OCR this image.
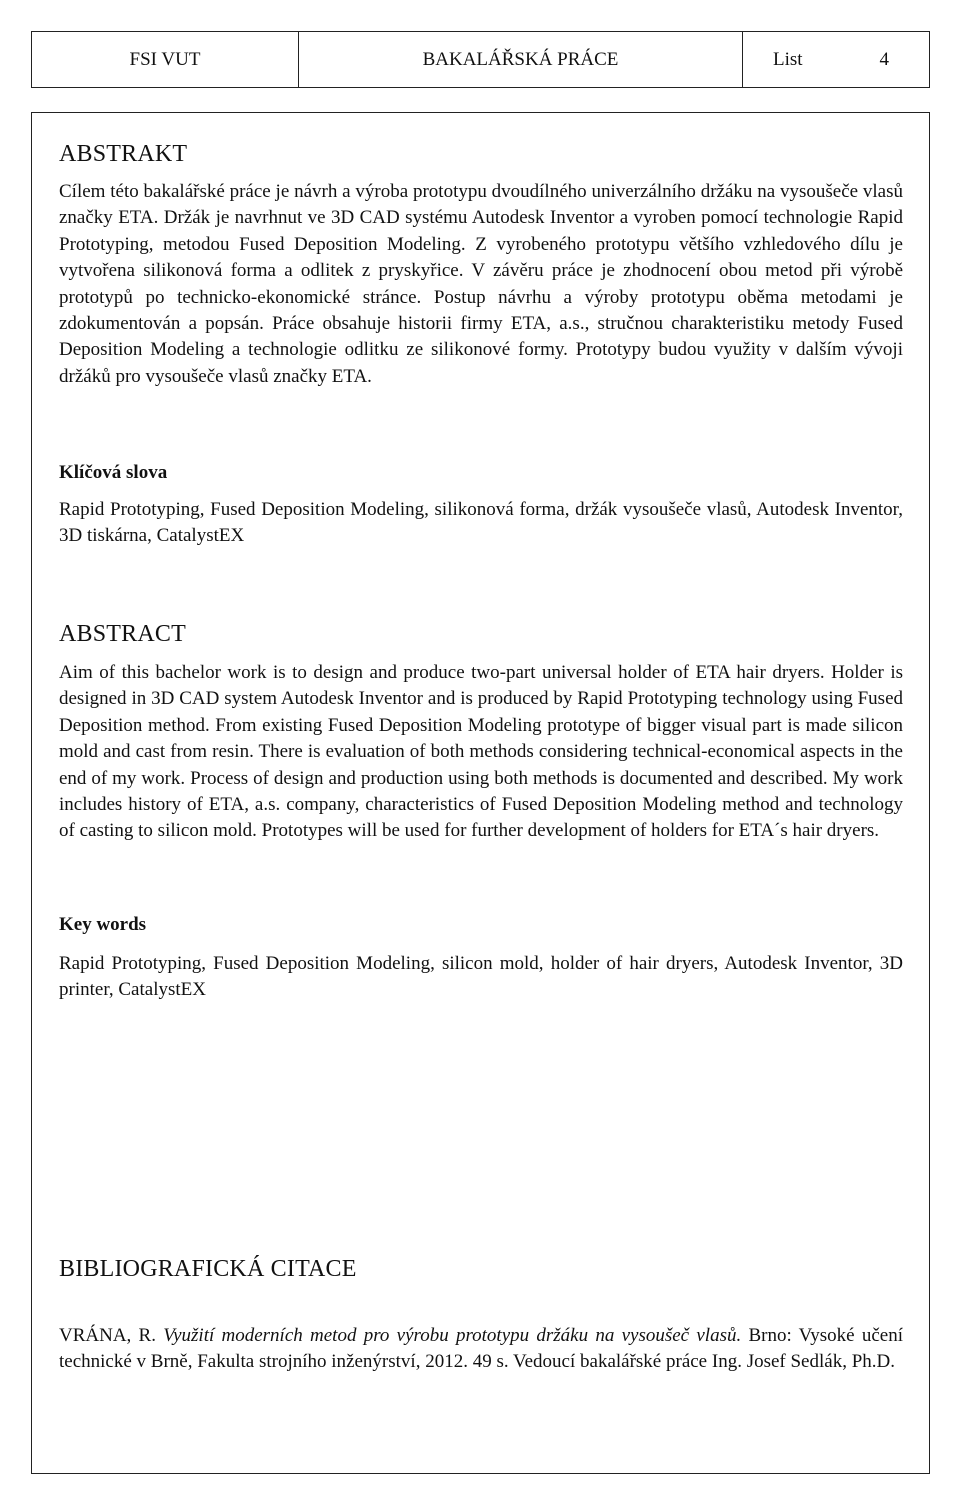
FSI VUT	BAKALÁŘSKÁ PRÁCE	List	4
ABSTRAKT

Cílem této bakalářské práce je návrh a výroba prototypu dvoudílného univerzálního držáku na vysoušeče vlasů značky ETA. Držák je navrhnut ve 3D CAD systému Autodesk Inventor a vyroben pomocí technologie Rapid Prototyping, metodou Fused Deposition Modeling. Z vyrobeného prototypu většího vzhledového dílu je vytvořena silikonová forma a odlitek z pryskyřice. V závěru práce je zhodnocení obou metod při výrobě prototypů po technicko-ekonomické stránce. Postup návrhu a výroby prototypu oběma metodami je zdokumentován a popsán. Práce obsahuje historii firmy ETA, a.s., stručnou charakteristiku metody Fused Deposition Modeling a technologie odlitku ze silikonové formy. Prototypy budou využity v dalším vývoji držáků pro vysoušeče vlasů značky ETA.

Klíčová slova

Rapid Prototyping, Fused Deposition Modeling, silikonová forma, držák vysoušeče vlasů, Autodesk Inventor, 3D tiskárna, CatalystEX

ABSTRACT

Aim of this bachelor work is to design and produce two-part universal holder of ETA hair dryers. Holder is designed in 3D CAD system Autodesk Inventor and is produced by Rapid Prototyping technology using Fused Deposition method. From existing Fused Deposition Modeling prototype of bigger visual part is made silicon mold and cast from resin. There is evaluation of both methods considering technical-economical aspects in the end of my work. Process of design and production using both methods is documented and described. My work includes history of ETA, a.s. company, characteristics of Fused Deposition Modeling method and technology of casting to silicon mold. Prototypes will be used for further development of holders for ETA´s hair dryers.

Key words

Rapid Prototyping, Fused Deposition Modeling, silicon mold, holder of hair dryers, Autodesk Inventor, 3D printer, CatalystEX

BIBLIOGRAFICKÁ CITACE

VRÁNA, R. Využití moderních metod pro výrobu prototypu držáku na vysoušeč vlasů. Brno: Vysoké učení technické v Brně, Fakulta strojního inženýrství, 2012. 49 s. Vedoucí bakalářské práce Ing. Josef Sedlák, Ph.D.
